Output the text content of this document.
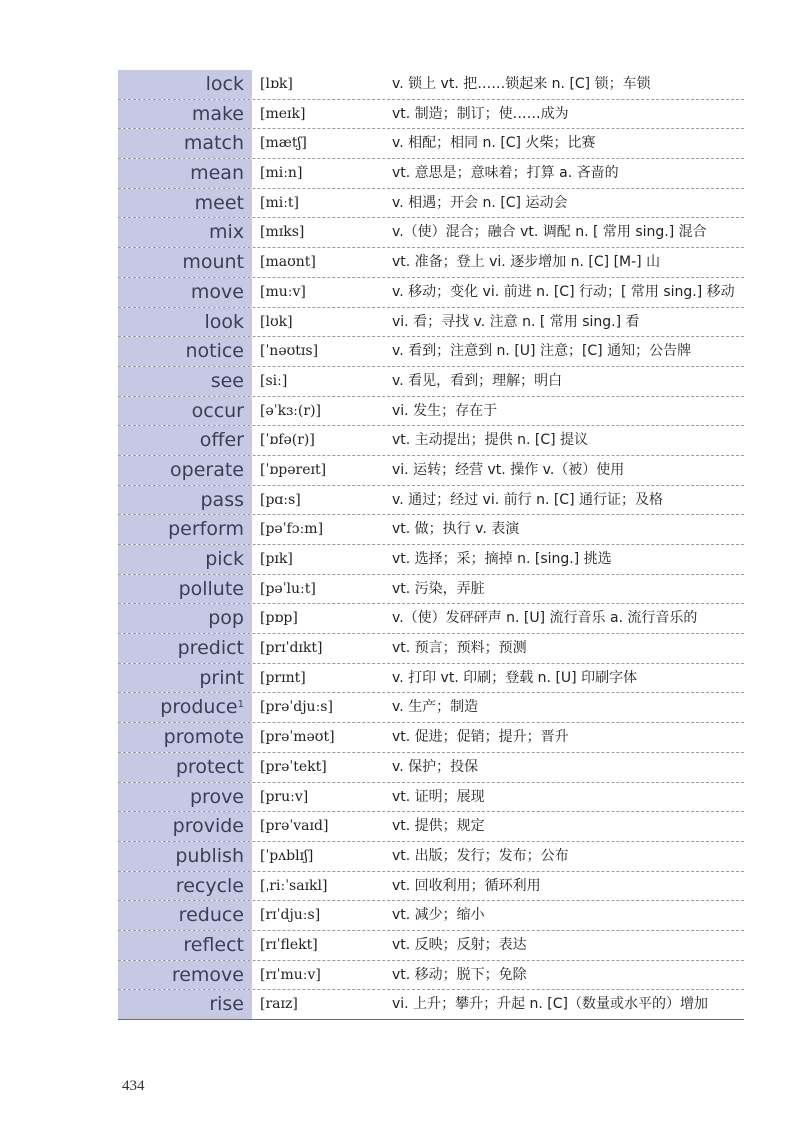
lock	[lɒk]	v. 锁上 vt. 把……锁起来 n. [C] 锁；车锁
make	[meɪk]	vt. 制造；制订；使……成为
match	[mætʃ]	v. 相配；相同 n. [C] 火柴；比赛
mean	[miːn]	vt. 意思是；意味着；打算 a. 吝啬的
meet	[miːt]	v. 相遇；开会 n. [C] 运动会
mix	[mɪks]	v.（使）混合；融合 vt. 调配 n. [ 常用 sing.] 混合
mount	[maʊnt]	vt. 准备；登上 vi. 逐步增加 n. [C] [M-] 山
move	[muːv]	v. 移动；变化 vi. 前进 n. [C] 行动；[ 常用 sing.] 移动
look	[lʊk]	vi. 看；寻找 v. 注意 n. [ 常用 sing.] 看
notice	[ˈnəʊtɪs]	v. 看到；注意到 n. [U] 注意；[C] 通知；公告牌
see	[siː]	v. 看见，看到；理解；明白
occur	[əˈkɜː(r)]	vi. 发生；存在于
offer	[ˈɒfə(r)]	vt. 主动提出；提供 n. [C] 提议
operate	[ˈɒpəreɪt]	vi. 运转；经营 vt. 操作 v.（被）使用
pass	[pɑːs]	v. 通过；经过 vi. 前行 n. [C] 通行证；及格
perform	[pəˈfɔːm]	vt. 做；执行 v. 表演
pick	[pɪk]	vt. 选择；采；摘掉 n. [sing.] 挑选
pollute	[pəˈluːt]	vt. 污染，弄脏
pop	[pɒp]	v.（使）发砰砰声 n. [U] 流行音乐 a. 流行音乐的
predict	[prɪˈdɪkt]	vt. 预言；预料；预测
print	[prɪnt]	v. 打印 vt. 印刷；登载 n. [U] 印刷字体
produce$^1$	[prəˈdjuːs]	v. 生产；制造
promote	[prəˈməʊt]	vt. 促进；促销；提升；晋升
protect	[prəˈtekt]	v. 保护；投保
prove	[pruːv]	vt. 证明；展现
provide	[prəˈvaɪd]	vt. 提供；规定
publish	[ˈpʌblɪʃ]	vt. 出版；发行；发布；公布
recycle	[ˌriːˈsaɪkl]	vt. 回收利用；循环利用
reduce	[rɪˈdjuːs]	vt. 减少；缩小
reflect	[rɪˈflekt]	vt. 反映；反射；表达
remove	[rɪˈmuːv]	vt. 移动；脱下；免除
rise	[raɪz]	vi. 上升；攀升；升起 n. [C]（数量或水平的）增加
434
